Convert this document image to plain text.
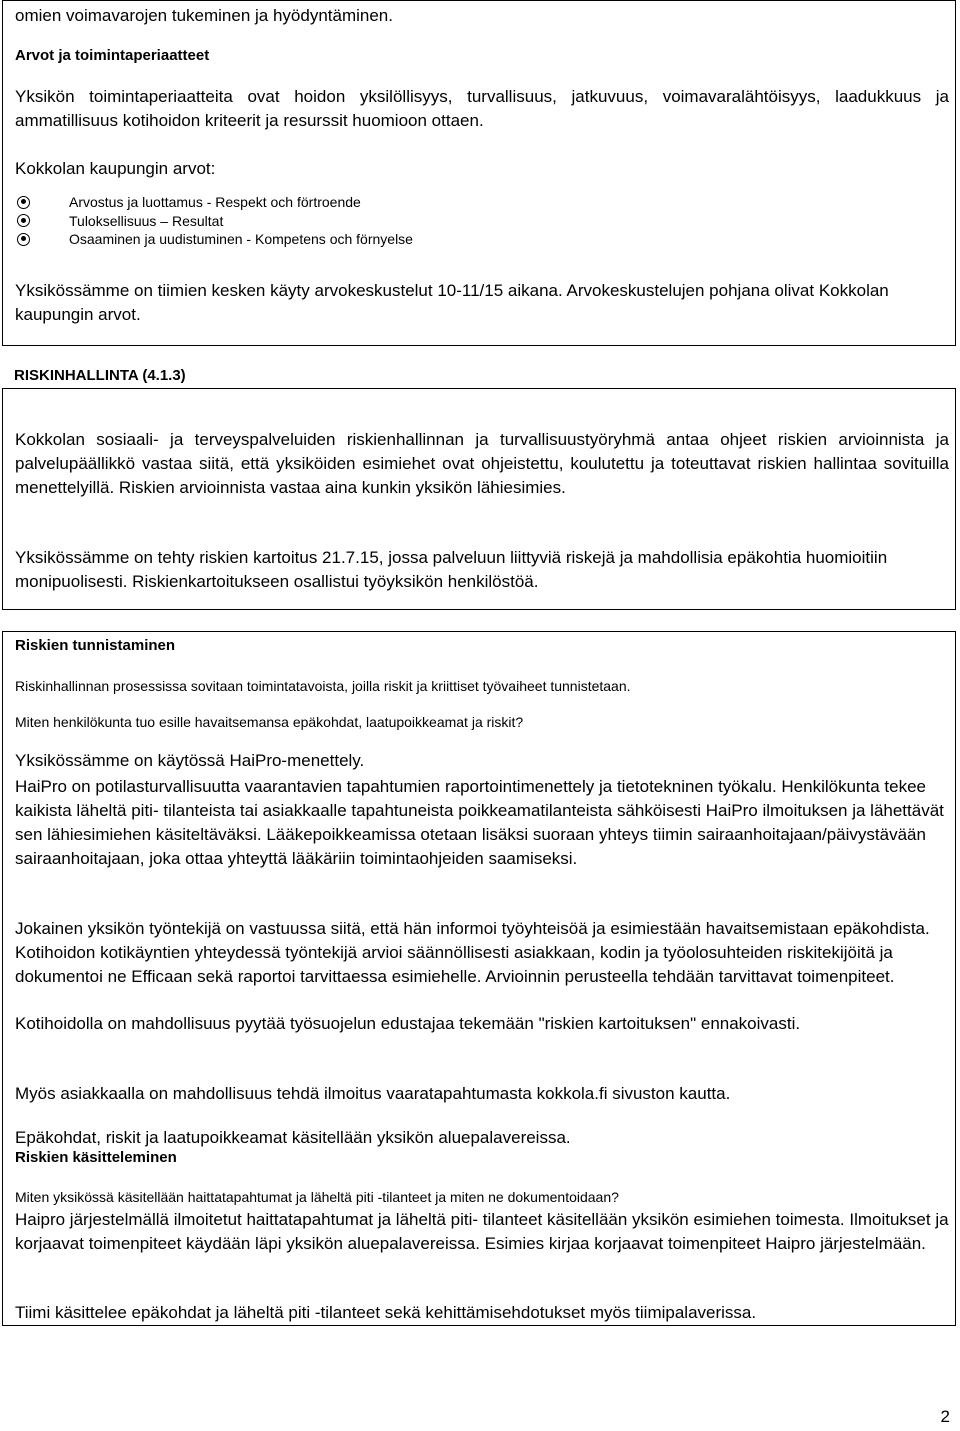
omien voimavarojen tukeminen ja hyödyntäminen.

Arvot ja toimintaperiaatteet

Yksikön toimintaperiaatteita ovat hoidon yksilöllisyys, turvallisuus, jatkuvuus, voimavaralähtöisyys, laadukkuus ja ammatillisuus kotihoidon kriteerit ja resurssit huomioon ottaen.

Kokkolan kaupungin arvot:

Arvostus ja luottamus - Respekt och förtroende
Tuloksellisuus – Resultat
Osaaminen ja uudistuminen - Kompetens och förnyelse

Yksikössämme on tiimien kesken käyty arvokeskustelut 10-11/15 aikana. Arvokeskustelujen pohjana olivat Kokkolan kaupungin arvot.

RISKINHALLINTA (4.1.3)

Kokkolan sosiaali- ja terveyspalveluiden riskienhallinnan ja turvallisuustyöryhmä antaa ohjeet riskien arvioinnista ja palvelupäällikkö vastaa siitä, että yksiköiden esimiehet ovat ohjeistettu, koulutettu ja toteuttavat riskien hallintaa sovituilla menettelyillä. Riskien arvioinnista vastaa aina kunkin yksikön lähiesimies.

Yksikössämme on tehty riskien kartoitus 21.7.15, jossa palveluun liittyviä riskejä ja mahdollisia epäkohtia huomioitiin monipuolisesti. Riskienkartoitukseen osallistui työyksikön henkilöstöä.

Riskien tunnistaminen

Riskinhallinnan prosessissa sovitaan toimintatavoista, joilla riskit ja kriittiset työvaiheet tunnistetaan.

Miten henkilökunta tuo esille havaitsemansa epäkohdat, laatupoikkeamat ja riskit?

Yksikössämme on käytössä HaiPro-menettely.

HaiPro on potilasturvallisuutta vaarantavien tapahtumien raportointimenettely ja tietotekninen työkalu. Henkilökunta tekee kaikista läheltä piti- tilanteista tai asiakkaalle tapahtuneista poikkeamatilanteista sähköisesti HaiPro ilmoituksen ja lähettävät sen lähiesimiehen käsiteltäväksi. Lääkepoikkeamissa otetaan lisäksi suoraan yhteys tiimin sairaanhoitajaan/päivystävään sairaanhoitajaan, joka ottaa yhteyttä lääkäriin toimintaohjeiden saamiseksi.

Jokainen yksikön työntekijä on vastuussa siitä, että hän informoi työyhteisöä ja esimiestään havaitsemistaan epäkohdista. Kotihoidon kotikäyntien yhteydessä työntekijä arvioi säännöllisesti asiakkaan, kodin ja työolosuhteiden riskitekijöitä ja dokumentoi ne Efficaan sekä raportoi tarvittaessa esimiehelle. Arvioinnin perusteella tehdään tarvittavat toimenpiteet.

Kotihoidolla on mahdollisuus pyytää työsuojelun edustajaa tekemään "riskien kartoituksen" ennakoivasti.

Myös asiakkaalla on mahdollisuus tehdä ilmoitus vaaratapahtumasta kokkola.fi sivuston kautta.

Epäkohdat, riskit ja laatupoikkeamat käsitellään yksikön aluepalavereissa.

Riskien käsitteleminen

Miten yksikössä käsitellään haittatapahtumat ja läheltä piti -tilanteet ja miten ne dokumentoidaan?

Haipro järjestelmällä ilmoitetut haittatapahtumat ja läheltä piti- tilanteet käsitellään yksikön esimiehen toimesta. Ilmoitukset ja korjaavat toimenpiteet käydään läpi yksikön aluepalavereissa. Esimies kirjaa korjaavat toimenpiteet Haipro järjestelmään.

Tiimi käsittelee epäkohdat ja läheltä piti -tilanteet sekä kehittämisehdotukset myös tiimipalaverissa.

2
